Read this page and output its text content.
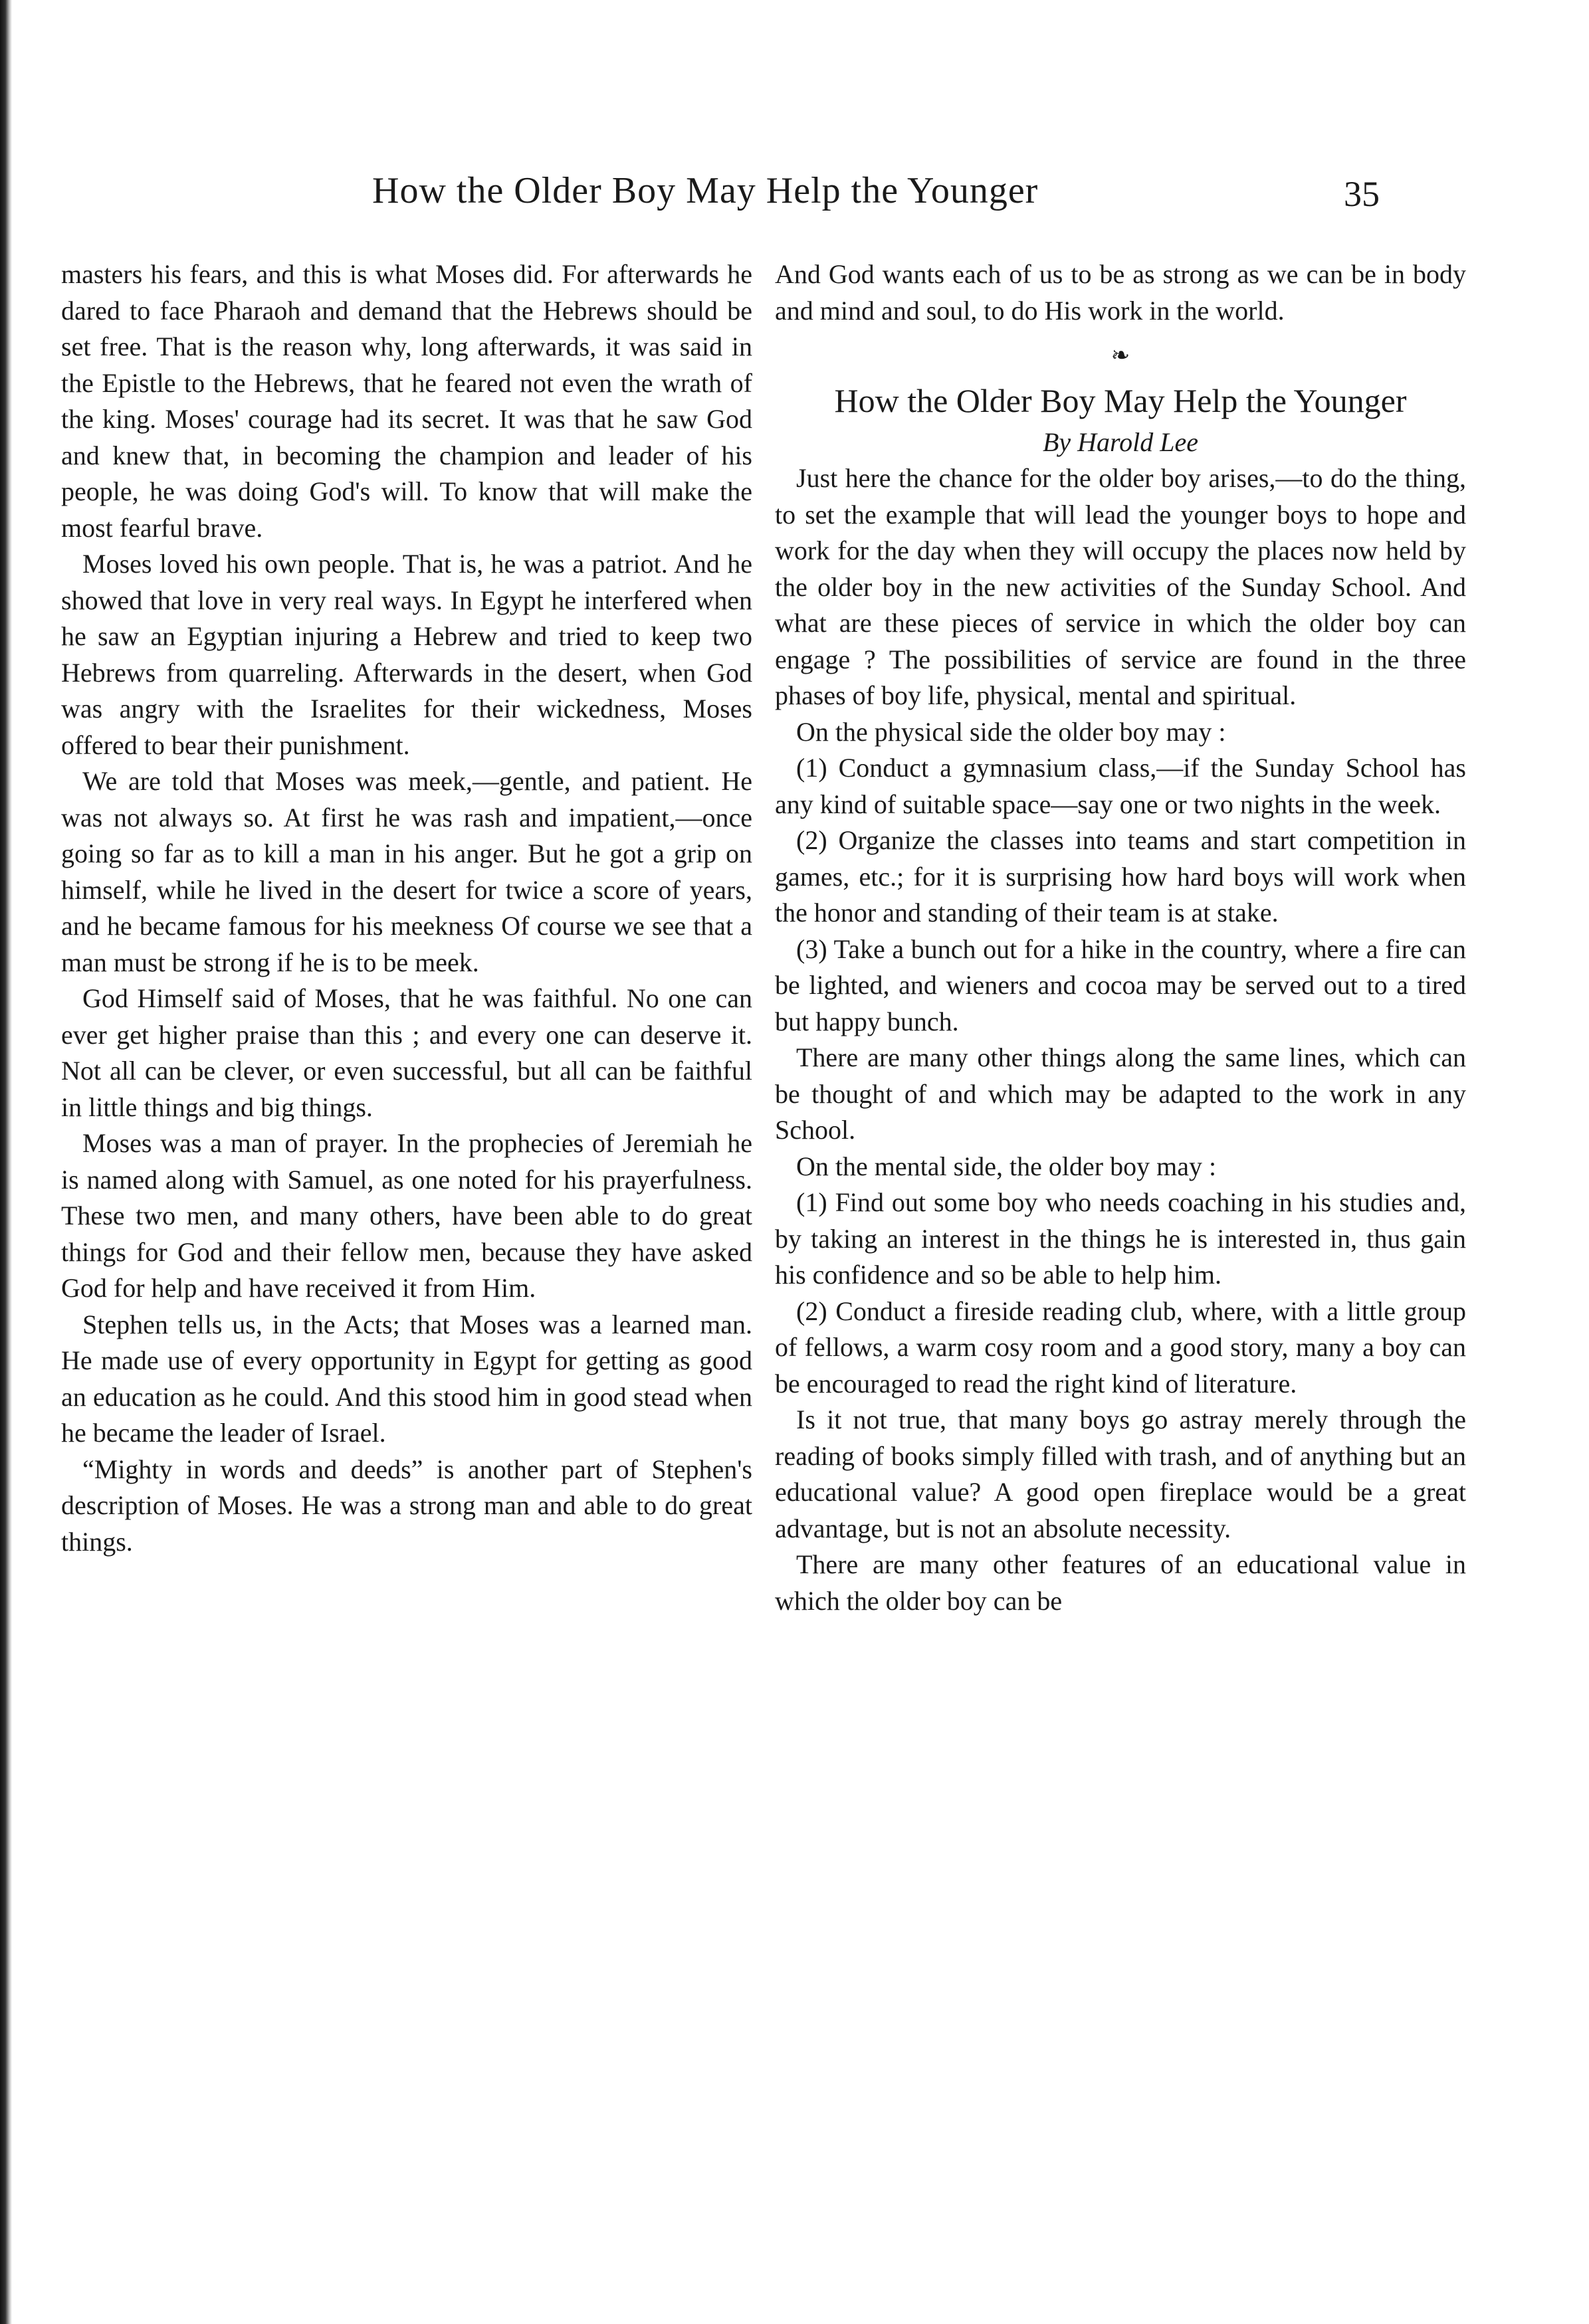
How the Older Boy May Help the Younger	35

masters his fears, and this is what Moses did. For afterwards he dared to face Pharaoh and demand that the Hebrews should be set free. That is the reason why, long afterwards, it was said in the Epistle to the Hebrews, that he feared not even the wrath of the king. Moses' courage had its secret. It was that he saw God and knew that, in becoming the champion and leader of his people, he was doing God's will. To know that will make the most fearful brave.

Moses loved his own people. That is, he was a patriot. And he showed that love in very real ways. In Egypt he interfered when he saw an Egyptian injuring a Hebrew and tried to keep two Hebrews from quarreling. Afterwards in the desert, when God was angry with the Israelites for their wickedness, Moses offered to bear their punishment.

We are told that Moses was meek,—gentle, and patient. He was not always so. At first he was rash and impatient,—once going so far as to kill a man in his anger. But he got a grip on himself, while he lived in the desert for twice a score of years, and he became famous for his meekness Of course we see that a man must be strong if he is to be meek.

God Himself said of Moses, that he was faithful. No one can ever get higher praise than this ; and every one can deserve it. Not all can be clever, or even successful, but all can be faithful in little things and big things.

Moses was a man of prayer. In the prophecies of Jeremiah he is named along with Samuel, as one noted for his prayerfulness. These two men, and many others, have been able to do great things for God and their fellow men, because they have asked God for help and have received it from Him.

Stephen tells us, in the Acts; that Moses was a learned man. He made use of every opportunity in Egypt for getting as good an education as he could. And this stood him in good stead when he became the leader of Israel.

“Mighty in words and deeds” is another part of Stephen's description of Moses. He was a strong man and able to do great things.

And God wants each of us to be as strong as we can be in body and mind and soul, to do His work in the world.

❧
How the Older Boy May Help the Younger
By Harold Lee

Just here the chance for the older boy arises,—to do the thing, to set the example that will lead the younger boys to hope and work for the day when they will occupy the places now held by the older boy in the new activities of the Sunday School. And what are these pieces of service in which the older boy can engage ? The possibilities of service are found in the three phases of boy life, physical, mental and spiritual.

On the physical side the older boy may :

(1) Conduct a gymnasium class,—if the Sunday School has any kind of suitable space—say one or two nights in the week.

(2) Organize the classes into teams and start competition in games, etc.; for it is surprising how hard boys will work when the honor and standing of their team is at stake.

(3) Take a bunch out for a hike in the country, where a fire can be lighted, and wieners and cocoa may be served out to a tired but happy bunch.

There are many other things along the same lines, which can be thought of and which may be adapted to the work in any School.

On the mental side, the older boy may :

(1) Find out some boy who needs coaching in his studies and, by taking an interest in the things he is interested in, thus gain his confidence and so be able to help him.

(2) Conduct a fireside reading club, where, with a little group of fellows, a warm cosy room and a good story, many a boy can be encouraged to read the right kind of literature.

Is it not true, that many boys go astray merely through the reading of books simply filled with trash, and of anything but an educational value? A good open fireplace would be a great advantage, but is not an absolute necessity.

There are many other features of an educational value in which the older boy can be
